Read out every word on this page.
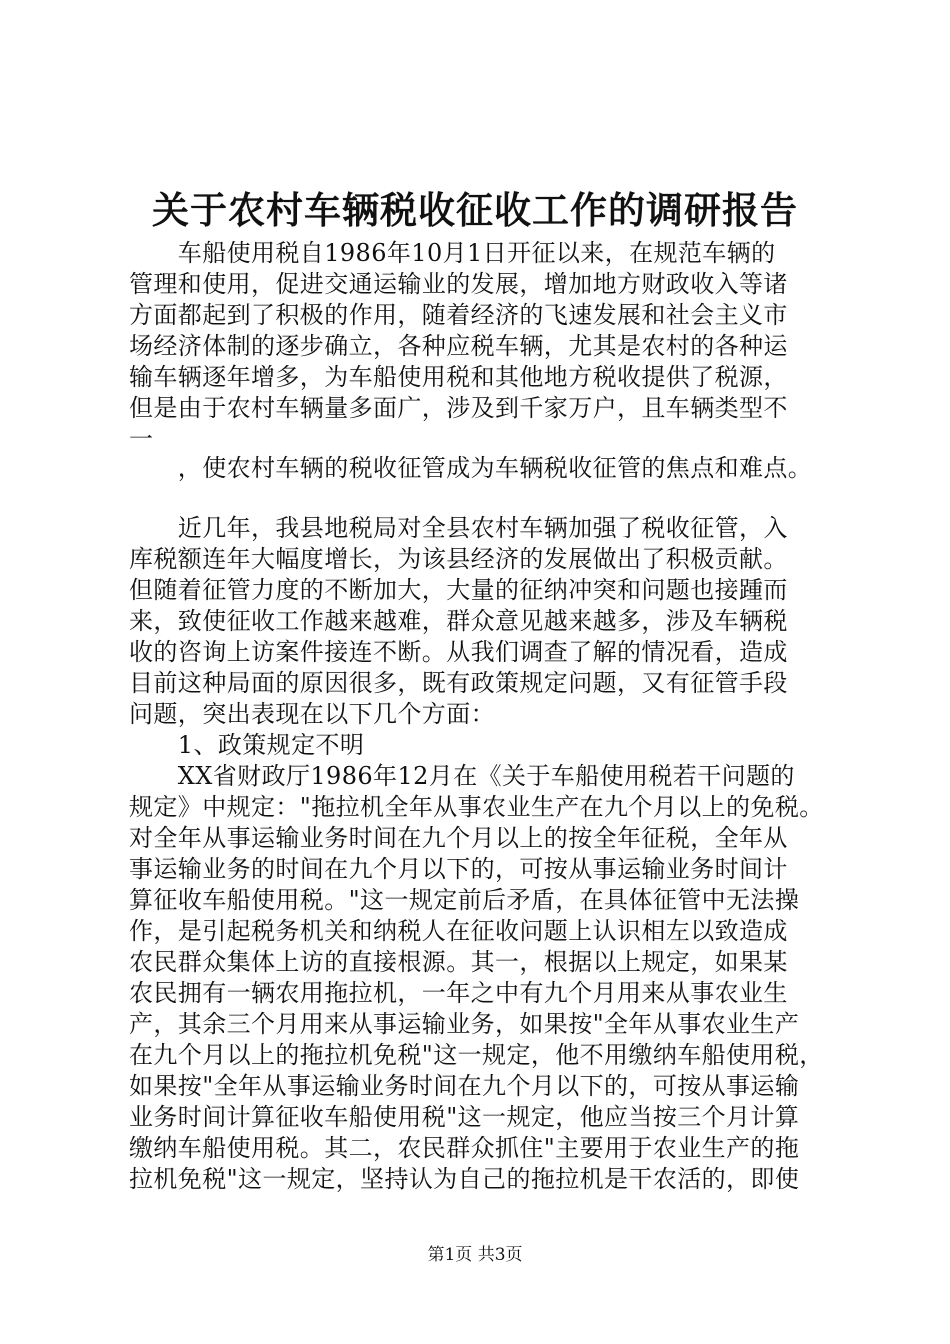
关于农村车辆税收征收工作的调研报告
　　车船使用税自1986年10月1日开征以来，在规范车辆的
管理和使用，促进交通运输业的发展，增加地方财政收入等诸
方面都起到了积极的作用，随着经济的飞速发展和社会主义市
场经济体制的逐步确立，各种应税车辆，尤其是农村的各种运
输车辆逐年增多，为车船使用税和其他地方税收提供了税源，
但是由于农村车辆量多面广，涉及到千家万户，且车辆类型不
一
　　，使农村车辆的税收征管成为车辆税收征管的焦点和难点。
　　近几年，我县地税局对全县农村车辆加强了税收征管，入
库税额连年大幅度增长，为该县经济的发展做出了积极贡献。
但随着征管力度的不断加大，大量的征纳冲突和问题也接踵而
来，致使征收工作越来越难，群众意见越来越多，涉及车辆税
收的咨询上访案件接连不断。从我们调查了解的情况看，造成
目前这种局面的原因很多，既有政策规定问题，又有征管手段
问题，突出表现在以下几个方面：
　　1、政策规定不明
　　XX省财政厅1986年12月在《关于车船使用税若干问题的
规定》中规定："拖拉机全年从事农业生产在九个月以上的免税。
对全年从事运输业务时间在九个月以上的按全年征税，全年从
事运输业务的时间在九个月以下的，可按从事运输业务时间计
算征收车船使用税。"这一规定前后矛盾，在具体征管中无法操
作，是引起税务机关和纳税人在征收问题上认识相左以致造成
农民群众集体上访的直接根源。其一，根据以上规定，如果某
农民拥有一辆农用拖拉机，一年之中有九个月用来从事农业生
产，其余三个月用来从事运输业务，如果按"全年从事农业生产
在九个月以上的拖拉机免税"这一规定，他不用缴纳车船使用税，
如果按"全年从事运输业务时间在九个月以下的，可按从事运输
业务时间计算征收车船使用税"这一规定，他应当按三个月计算
缴纳车船使用税。其二，农民群众抓住"主要用于农业生产的拖
拉机免税"这一规定，坚持认为自己的拖拉机是干农活的，即使
第1页 共3页
